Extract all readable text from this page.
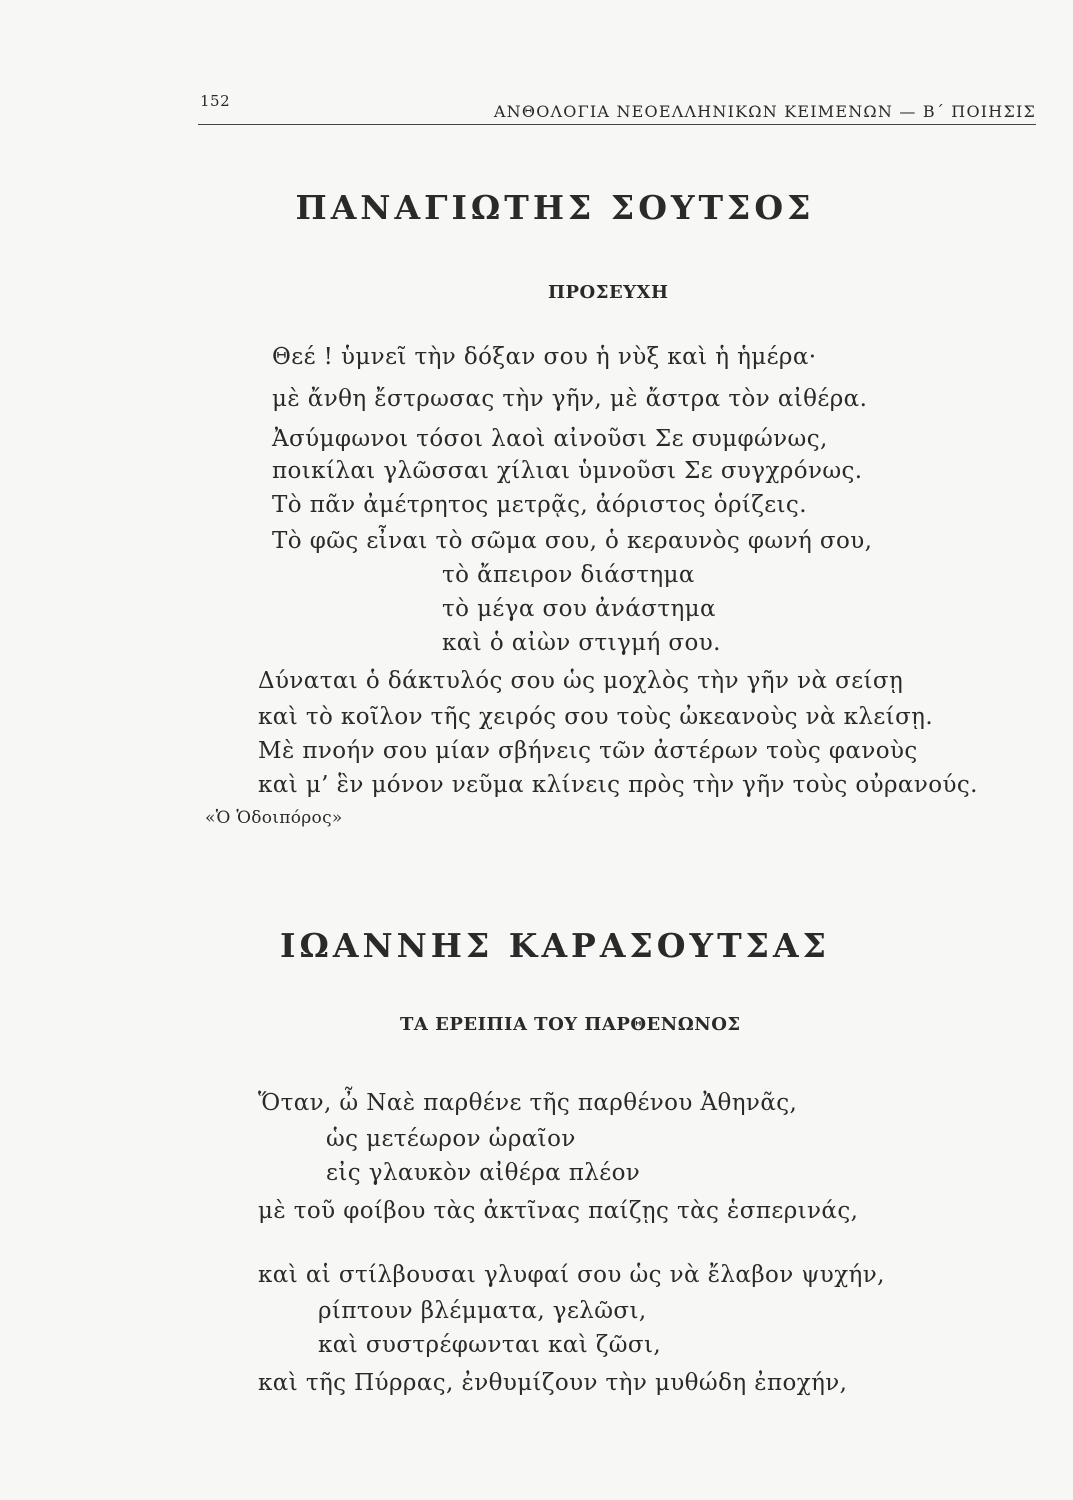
152
ΑΝΘΟΛΟΓΙΑ ΝΕΟΕΛΛΗΝΙΚΩΝ ΚΕΙΜΕΝΩΝ — Β΄ ΠΟΙΗΣΙΣ
ΠΑΝΑΓΙΩΤΗΣ ΣΟΥΤΣΟΣ
ΠΡΟΣΕΥΧΗ
Θεέ ! ὑμνεῖ τὴν δόξαν σου ἡ νὺξ καὶ ἡ ἡμέρα·
μὲ ἄνθη ἔστρωσας τὴν γῆν, μὲ ἄστρα τὸν αἰθέρα.
Ἀσύμφωνοι τόσοι λαοὶ αἰνοῦσι Σε συμφώνως,
ποικίλαι γλῶσσαι χίλιαι ὑμνοῦσι Σε συγχρόνως.
Τὸ πᾶν ἀμέτρητος μετρᾷς, ἀόριστος ὁρίζεις.
Τὸ φῶς εἶναι τὸ σῶμα σου, ὁ κεραυνὸς φωνή σου,
τὸ ἄπειρον διάστημα
τὸ μέγα σου ἀνάστημα
καὶ ὁ αἰὼν στιγμή σου.
Δύναται ὁ δάκτυλός σου ὡς μοχλὸς τὴν γῆν νὰ σείσῃ
καὶ τὸ κοῖλον τῆς χειρός σου τοὺς ὠκεανοὺς νὰ κλείσῃ.
Μὲ πνοήν σου μίαν σβήνεις τῶν ἀστέρων τοὺς φανοὺς
καὶ μ’ ἓν μόνον νεῦμα κλίνεις πρὸς τὴν γῆν τοὺς οὐρανούς.
«Ὁ Ὁδοιπόρος»
ΙΩΑΝΝΗΣ ΚΑΡΑΣΟΥΤΣΑΣ
ΤΑ ΕΡΕΙΠΙΑ ΤΟΥ ΠΑΡΘΕΝΩΝΟΣ
Ὅταν, ὦ Ναὲ παρθένε τῆς παρθένου Ἀθηνᾶς,
ὡς μετέωρον ὡραῖον
εἰς γλαυκὸν αἰθέρα πλέον
μὲ τοῦ φοίβου τὰς ἀκτῖνας παίζῃς τὰς ἑσπερινάς,
καὶ αἱ στίλβουσαι γλυφαί σου ὡς νὰ ἔλαβον ψυχήν,
ρίπτουν βλέμματα, γελῶσι,
καὶ συστρέφωνται καὶ ζῶσι,
καὶ τῆς Πύρρας, ἐνθυμίζουν τὴν μυθώδη ἐποχήν,
